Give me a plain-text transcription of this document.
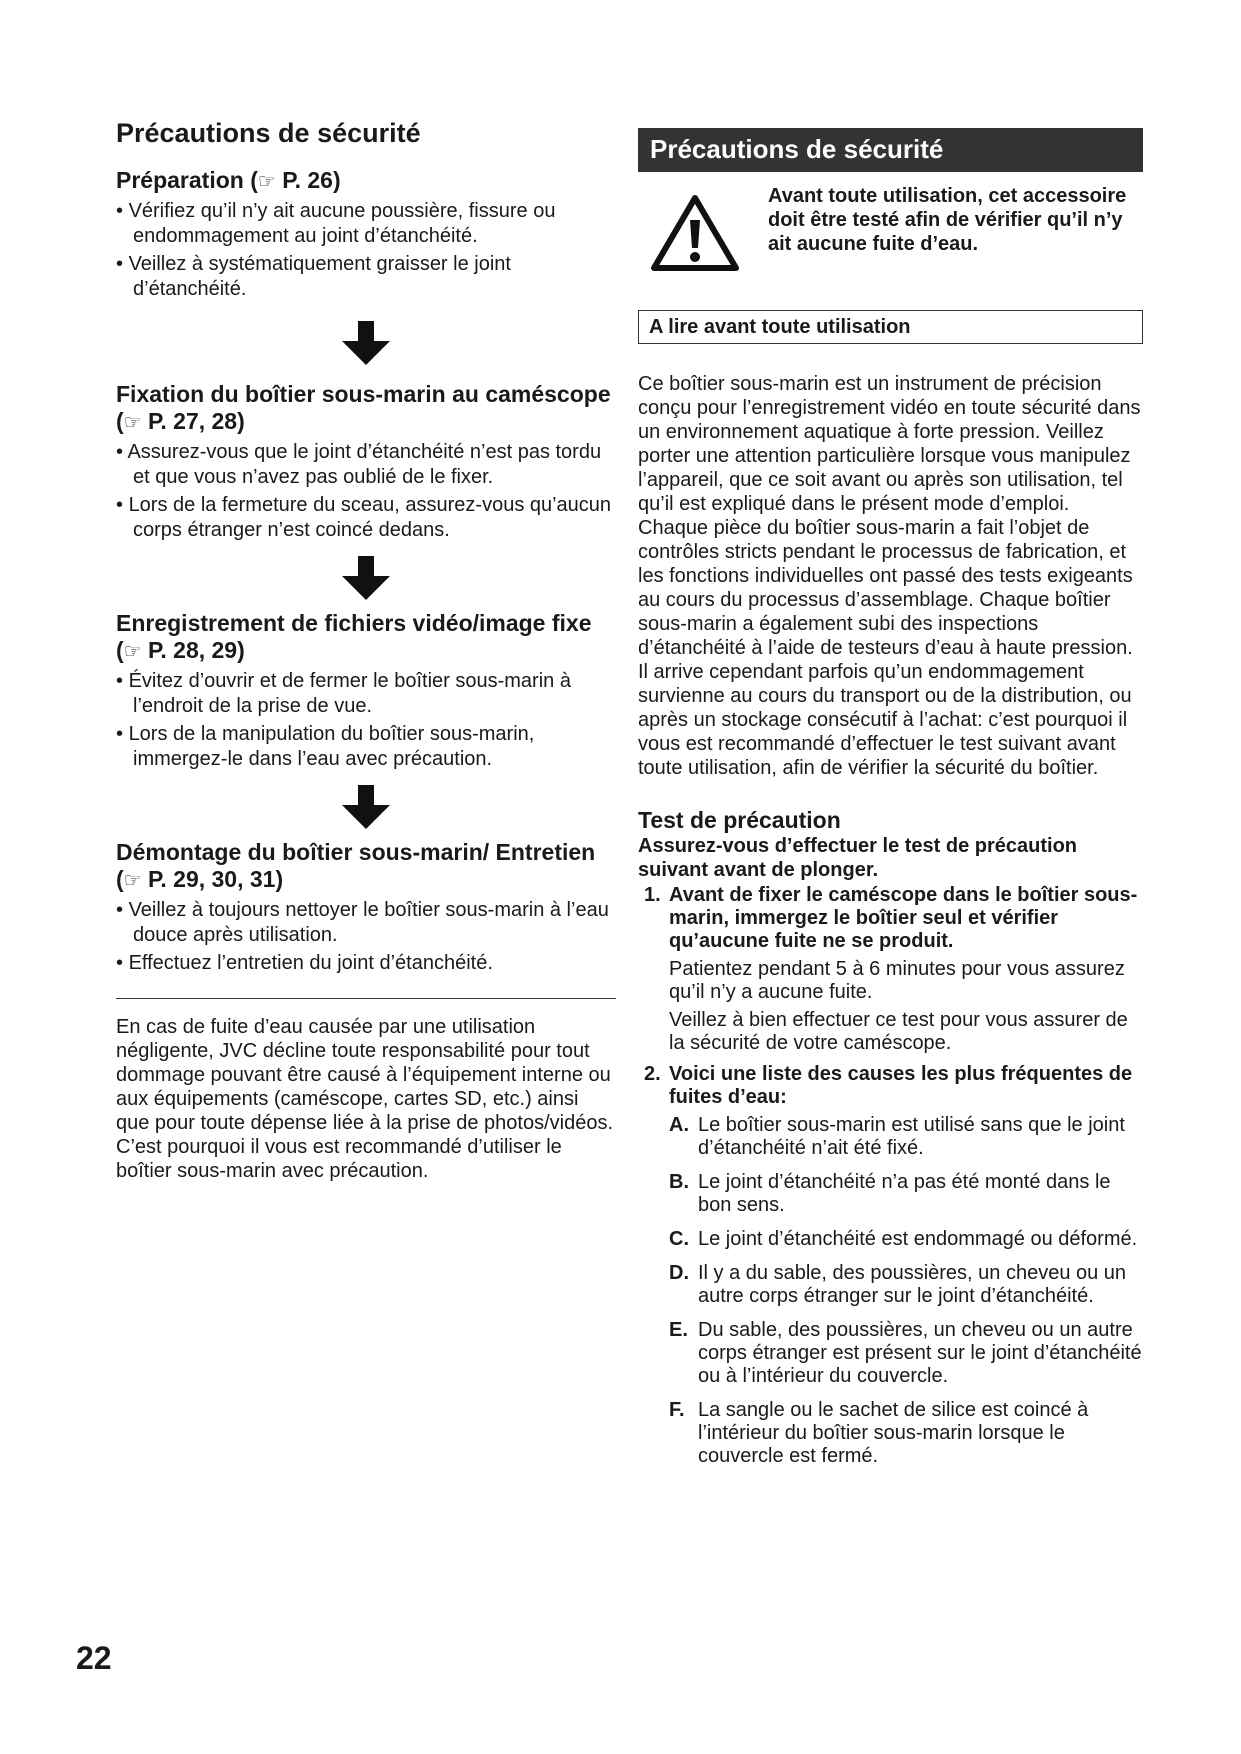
Précautions de sécurité
Préparation (☞ P. 26)
• Vérifiez qu’il n’y ait aucune poussière, fissure ou endommagement au joint d’étanchéité.
• Veillez à systématiquement graisser le joint d’étanchéité.
Fixation du boîtier sous-marin au caméscope (☞ P. 27, 28)
• Assurez-vous que le joint d’étanchéité n’est pas tordu et que vous n’avez pas oublié de le fixer.
• Lors de la fermeture du sceau, assurez-vous qu’aucun corps étranger n’est coincé dedans.
Enregistrement de fichiers vidéo/image fixe (☞ P. 28, 29)
• Évitez d’ouvrir et de fermer le boîtier sous-marin à l’endroit de la prise de vue.
• Lors de la manipulation du boîtier sous-marin, immergez-le dans l’eau avec précaution.
Démontage du boîtier sous-marin/ Entretien (☞ P. 29, 30, 31)
• Veillez à toujours nettoyer le boîtier sous-marin à l’eau douce après utilisation.
• Effectuez l’entretien du joint d’étanchéité.
En cas de fuite d’eau causée par une utilisation négligente, JVC décline toute responsabilité pour tout dommage pouvant être causé à l’équipement interne ou aux équipements (caméscope, cartes SD, etc.) ainsi que pour toute dépense liée à la prise de photos/vidéos. C’est pourquoi il vous est recommandé d’utiliser le boîtier sous-marin avec précaution.
Précautions de sécurité
Avant toute utilisation, cet accessoire doit être testé afin de vérifier qu’il n’y ait aucune fuite d’eau.
A lire avant toute utilisation
Ce boîtier sous-marin est un instrument de précision conçu pour l’enregistrement vidéo en toute sécurité dans un environnement aquatique à forte pression. Veillez porter une attention particulière lorsque vous manipulez l’appareil, que ce soit avant ou après son utilisation, tel qu’il est expliqué dans le présent mode d’emploi.
Chaque pièce du boîtier sous-marin a fait l’objet de contrôles stricts pendant le processus de fabrication, et les fonctions individuelles ont passé des tests exigeants au cours du processus d’assemblage. Chaque boîtier sous-marin a également subi des inspections d’étanchéité à l’aide de testeurs d’eau à haute pression. Il arrive cependant parfois qu’un endommagement survienne au cours du transport ou de la distribution, ou après un stockage consécutif à l’achat: c’est pourquoi il vous est recommandé d’effectuer le test suivant avant toute utilisation, afin de vérifier la sécurité du boîtier.
Test de précaution
Assurez-vous d’effectuer le test de précaution suivant avant de plonger.
1. Avant de fixer le caméscope dans le boîtier sous-marin, immergez le boîtier seul et vérifier qu’aucune fuite ne se produit.
Patientez pendant 5 à 6 minutes pour vous assurez qu’il n’y a aucune fuite.
Veillez à bien effectuer ce test pour vous assurer de la sécurité de votre caméscope.
2. Voici une liste des causes les plus fréquentes de fuites d’eau:
A. Le boîtier sous-marin est utilisé sans que le joint d’étanchéité n’ait été fixé.
B. Le joint d’étanchéité n’a pas été monté dans le bon sens.
C. Le joint d’étanchéité est endommagé ou déformé.
D. Il y a du sable, des poussières, un cheveu ou un autre corps étranger sur le joint d’étanchéité.
E. Du sable, des poussières, un cheveu ou un autre corps étranger est présent sur le joint d’étanchéité ou à l’intérieur du couvercle.
F. La sangle ou le sachet de silice est coincé à l’intérieur du boîtier sous-marin lorsque le couvercle est fermé.
22
